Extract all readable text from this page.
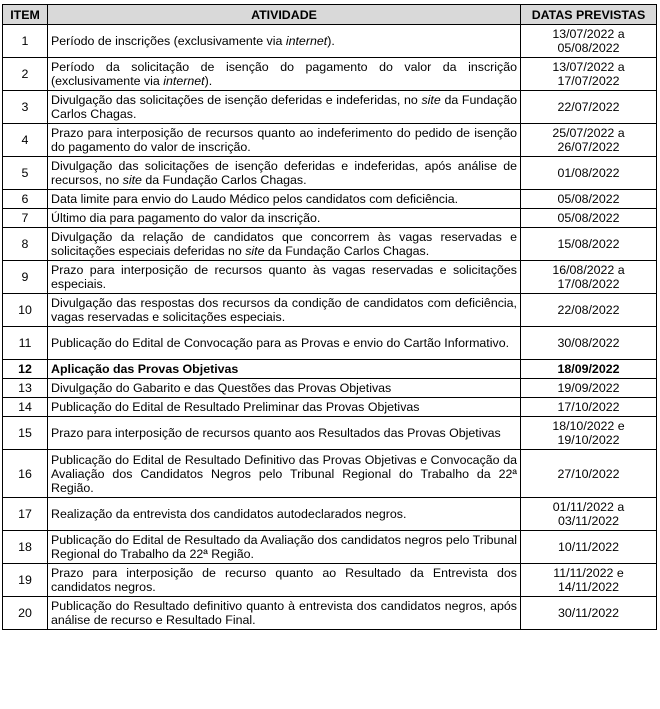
ITEM	ATIVIDADE	DATAS PREVISTAS
1	Período de inscrições (exclusivamente via internet).	13/07/2022 a
05/08/2022
2	Período da solicitação de isenção do pagamento do valor da inscrição (exclusivamente via internet).	13/07/2022 a
17/07/2022
3	Divulgação das solicitações de isenção deferidas e indeferidas, no site da Fundação Carlos Chagas.	22/07/2022
4	Prazo para interposição de recursos quanto ao indeferimento do pedido de isenção do pagamento do valor de inscrição.	25/07/2022 a
26/07/2022
5	Divulgação das solicitações de isenção deferidas e indeferidas, após análise de recursos, no site da Fundação Carlos Chagas.	01/08/2022
6	Data limite para envio do Laudo Médico pelos candidatos com deficiência.	05/08/2022
7	Último dia para pagamento do valor da inscrição.	05/08/2022
8	Divulgação da relação de candidatos que concorrem às vagas reservadas e solicitações especiais deferidas no site da Fundação Carlos Chagas.	15/08/2022
9	Prazo para interposição de recursos quanto às vagas reservadas e solicitações especiais.	16/08/2022 a
17/08/2022
10	Divulgação das respostas dos recursos da condição de candidatos com deficiência, vagas reservadas e solicitações especiais.	22/08/2022
11	Publicação do Edital de Convocação para as Provas e envio do Cartão Informativo.	30/08/2022
12	Aplicação das Provas Objetivas	18/09/2022
13	Divulgação do Gabarito e das Questões das Provas Objetivas	19/09/2022
14	Publicação do Edital de Resultado Preliminar das Provas Objetivas	17/10/2022
15	Prazo para interposição de recursos quanto aos Resultados das Provas Objetivas	18/10/2022 e
19/10/2022
16	Publicação do Edital de Resultado Definitivo das Provas Objetivas e Convocação da Avaliação dos Candidatos Negros pelo Tribunal Regional do Trabalho da 22ª Região.	27/10/2022
17	Realização da entrevista dos candidatos autodeclarados negros.	01/11/2022 a
03/11/2022
18	Publicação do Edital de Resultado da Avaliação dos candidatos negros pelo Tribunal Regional do Trabalho da 22ª Região.	10/11/2022
19	Prazo para interposição de recurso quanto ao Resultado da Entrevista dos candidatos negros.	11/11/2022 e
14/11/2022
20	Publicação do Resultado definitivo quanto à entrevista dos candidatos negros, após análise de recurso e Resultado Final.	30/11/2022
